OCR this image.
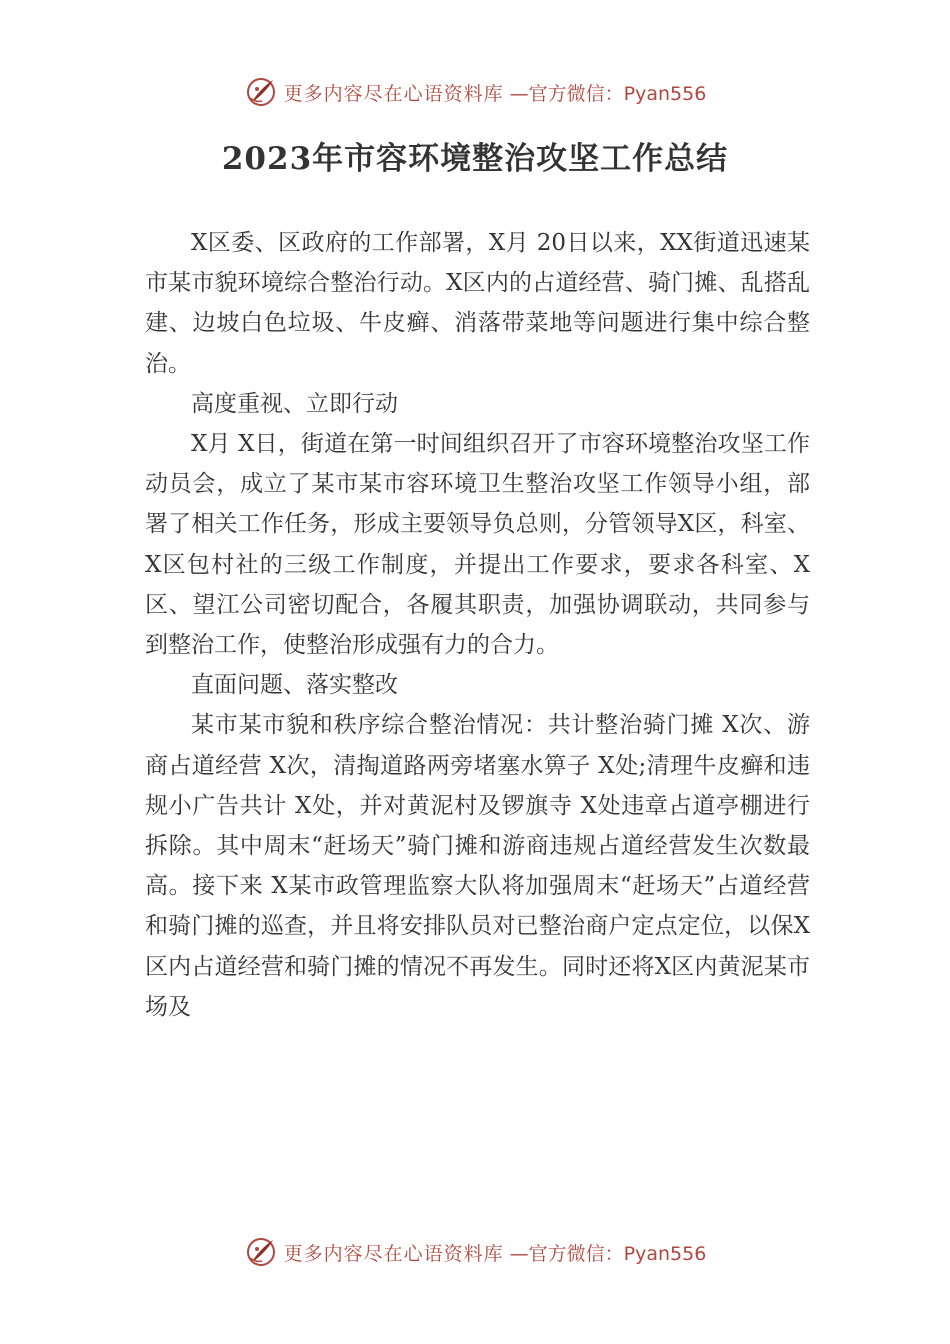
更多内容尽在心语资料库 —官方微信：Pyan556
2023年市容环境整治攻坚工作总结

X区委、区政府的工作部署，X月 20日以来，XX街道迅速某市某市貌环境综合整治行动。X区内的占道经营、骑门摊、乱搭乱建、边坡白色垃圾、牛皮癣、消落带菜地等问题进行集中综合整治。

高度重视、立即行动

X月 X日，街道在第一时间组织召开了市容环境整治攻坚工作动员会，成立了某市某市容环境卫生整治攻坚工作领导小组，部署了相关工作任务，形成主要领导负总则，分管领导X区，科室、X区包村社的三级工作制度，并提出工作要求，要求各科室、X区、望江公司密切配合，各履其职责，加强协调联动，共同参与到整治工作，使整治形成强有力的合力。

直面问题、落实整改

某市某市貌和秩序综合整治情况：共计整治骑门摊 X次、游商占道经营 X次，清掏道路两旁堵塞水箅子 X处;清理牛皮癣和违规小广告共计 X处，并对黄泥村及锣旗寺 X处违章占道亭棚进行拆除。其中周末“赶场天”骑门摊和游商违规占道经营发生次数最高。接下来 X某市政管理监察大队将加强周末“赶场天”占道经营和骑门摊的巡查，并且将安排队员对已整治商户定点定位，以保X区内占道经营和骑门摊的情况不再发生。同时还将X区内黄泥某市场及

更多内容尽在心语资料库 —官方微信：Pyan556
